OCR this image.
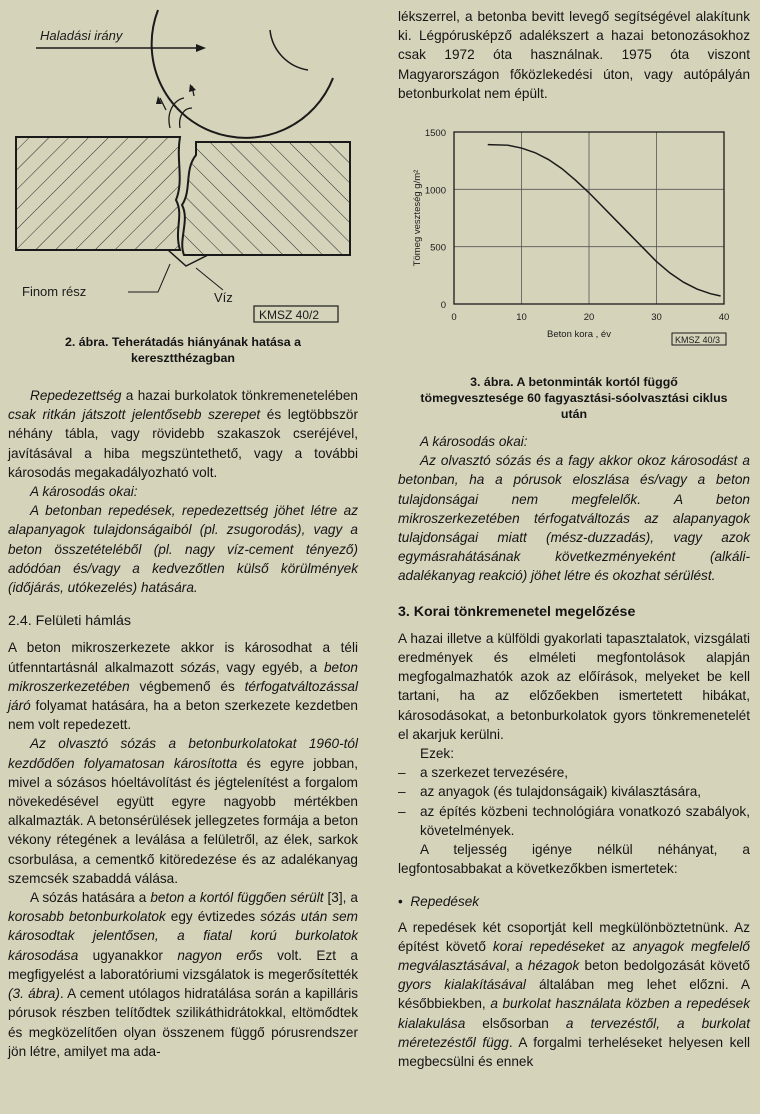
Haladási irány
Finom rész	Víz
KMSZ 40/2

2. ábra. Teherátadás hiányának hatása a

keresztthézagban

Repedezettség a hazai burkolatok tönkremenetelében csak ritkán játszott jelentősebb szerepet és legtöbbször néhány tábla, vagy rövidebb szakaszok cseréjével, javításával a hiba megszüntethető, vagy a további károsodás megakadályozható volt.

A károsodás okai:

A betonban repedések, repedezettség jöhet létre az alapanyagok tulajdonságaiból (pl. zsugorodás), vagy a beton összetételéből (pl. nagy víz-cement tényező) adódóan és/vagy a kedvezőtlen külső körülmények (időjárás, utókezelés) hatására.

2.4. Felületi hámlás

A beton mikroszerkezete akkor is károsodhat a téli útfenntartásnál alkalmazott sózás, vagy egyéb, a beton mikroszerkezetében végbemenő és térfogatváltozással járó folyamat hatására, ha a beton szerkezete kezdetben nem volt repedezett.

Az olvasztó sózás a betonburkolatokat 1960-tól kezdődően folyamatosan károsította és egyre jobban, mivel a sózásos hóeltávolítást és jégtelenítést a forgalom növekedésével együtt egyre nagyobb mértékben alkalmazták. A betonsérülések jellegzetes formája a beton vékony rétegének a leválása a felületről, az élek, sarkok csorbulása, a cementkő kitöredezése és az adalékanyag szemcsék szabaddá válása.

A sózás hatására a beton a kortól függően sérült [3], a korosabb betonburkolatok egy évtizedes sózás után sem károsodtak jelentősen, a fiatal korú burkolatok károsodása ugyanakkor nagyon erős volt. Ezt a megfigyelést a laboratóriumi vizsgálatok is megerősítették (3. ábra). A cement utólagos hidratálása során a kapilláris pórusok részben telítődtek szilikáthidrátokkal, eltömődtek és megközelítően olyan összenem függő pórusrendszer jön létre, amilyet ma ada-

lékszerrel, a betonba bevitt levegő segítségével alakítunk ki. Légpórusképző adalékszert a hazai betonozásokhoz csak 1972 óta használnak. 1975 óta viszont Magyarországon főközlekedési úton, vagy autópályán betonburkolat nem épült.

0
500
1000
1500
0	10	20	30	40
Beton kora , év
Tömeg veszteség g/m²
KMSZ 40/3

3. ábra. A betonminták kortól függő

tömegvesztesége 60 fagyasztási-sóolvasztási ciklus

után

A károsodás okai:

Az olvasztó sózás és a fagy akkor okoz károsodást a betonban, ha a pórusok eloszlása és/vagy a beton tulajdonságai nem megfelelők. A beton mikroszerkezetében térfogatváltozás az alapanyagok tulajdonságai miatt (mész-duzzadás), vagy azok egymásrahátásának következményeként (alkáli-adalékanyag reakció) jöhet létre és okozhat sérülést.

3. Korai tönkremenetel megelőzése

A hazai illetve a külföldi gyakorlati tapasztalatok, vizsgálati eredmények és elméleti megfontolások alapján megfogalmazhatók azok az előírások, melyeket be kell tartani, ha az előzőekben ismertetett hibákat, károsodásokat, a betonburkolatok gyors tönkremenetelét el akarjuk kerülni.

Ezek:

–	a szerkezet tervezésére,
–	az anyagok (és tulajdonságaik) kiválasztására,
–	az építés közbeni technológiára vonatkozó szabályok, követelmények.

A teljesség igénye nélkül néhányat, a legfontosabbakat a következőkben ismertetek:

•  Repedések

A repedések két csoportját kell megkülönböztetnünk. Az építést követő korai repedéseket az anyagok megfelelő megválasztásával, a hézagok beton bedolgozását követő gyors kialakításával általában meg lehet előzni. A későbbiekben, a burkolat használata közben a repedések kialakulása elsősorban a tervezéstől, a burkolat méretezéstől függ. A forgalmi terheléseket helyesen kell megbecsülni és ennek
